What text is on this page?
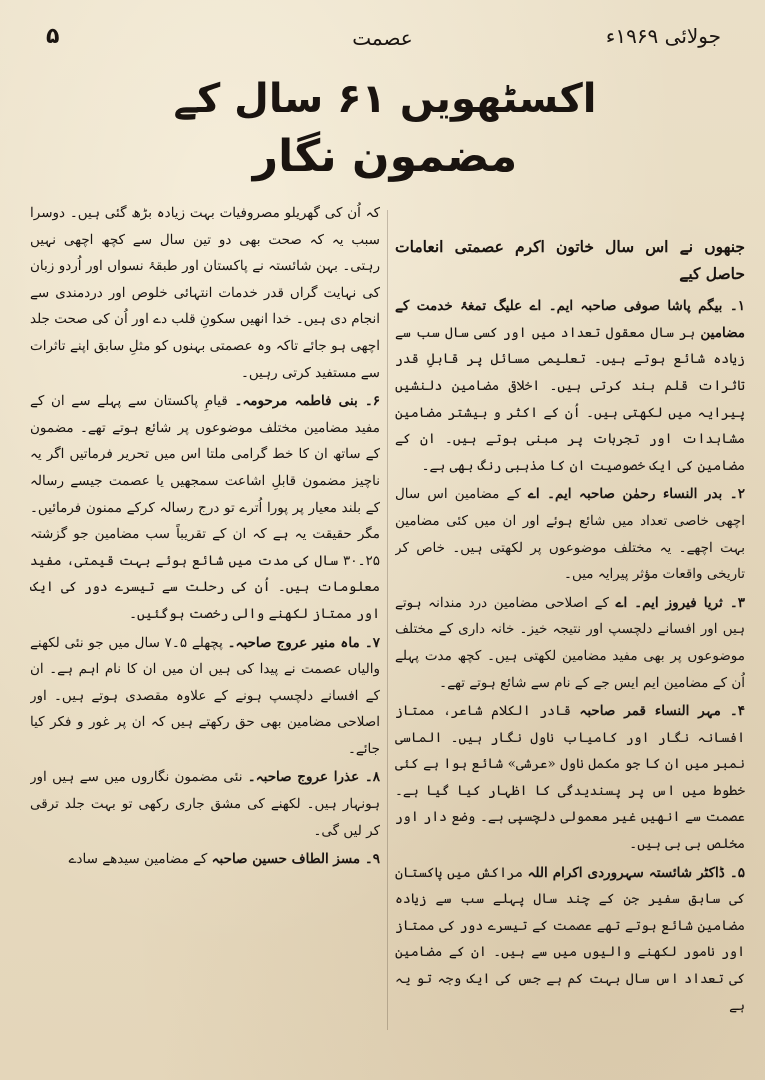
۵	عصمت	جولائی ۱۹۶۹ء
اکسٹھویں ۶۱ سال کے
مضمون نگار
جنھوں نے اس سال خاتون اکرم عصمتی انعامات حاصل کیے

۱۔ بیگم پاشا صوفی صاحبہ ایم۔ اے علیگ تمغۂ خدمت کے مضامین ہر سال معقول تعداد میں اور کسی سال سب سے زیادہ شائع ہوتے ہیں۔ تعلیمی مسائل پر قابلِ قدر تاثرات قلم بند کرتی ہیں۔ اخلاقی مضامین دلنشیں پیرایہ میں لکھتی ہیں۔ اُن کے اکثر و بیشتر مضامین مشاہدات اور تجربات پر مبنی ہوتے ہیں۔ ان کے مضامین کی ایک خصوصیت ان کا مذہبی رنگ بھی ہے۔

۲۔ بدر النساء رحمٰن صاحبہ ایم۔ اے کے مضامین اس سال اچھی خاصی تعداد میں شائع ہوئے اور ان میں کئی مضامین بہت اچھے۔ یہ مختلف موضوعوں پر لکھتی ہیں۔ خاص کر تاریخی واقعات مؤثر پیرایہ میں۔

۳۔ ثریا فیروز ایم۔ اے کے اصلاحی مضامین درد مندانہ ہوتے ہیں اور افسانے دلچسپ اور نتیجہ خیز۔ خانہ داری کے مختلف موضوعوں پر بھی مفید مضامین لکھتی ہیں۔ کچھ مدت پہلے اُن کے مضامین ایم ایس جے کے نام سے شائع ہوتے تھے۔

۴۔ مہر النساء قمر صاحبہ قادر الکلام شاعر، ممتاز افسانہ نگار اور کامیاب ناول نگار ہیں۔ الماسی نمبر میں ان کا جو مکمل ناول «عرشی» شائع ہوا ہے کئی خطوط میں اس پر پسندیدگی کا اظہار کیا گیا ہے۔ عصمت سے انھیں غیر معمولی دلچسپی ہے۔ وضع دار اور مخلص بی بی ہیں۔

۵۔ ڈاکٹر شائستہ سہروردی اکرام اللہ مراکش میں پاکستان کی سابق سفیر جن کے چند سال پہلے سب سے زیادہ مضامین شائع ہوتے تھے عصمت کے تیسرے دور کی ممتاز اور نامور لکھنے والیوں میں سے ہیں۔ ان کے مضامین کی تعداد اس سال بہت کم ہے جس کی ایک وجہ تو یہ ہے

کہ اُن کی گھریلو مصروفیات بہت زیادہ بڑھ گئی ہیں۔ دوسرا سبب یہ کہ صحت بھی دو تین سال سے کچھ اچھی نہیں رہتی۔ بہن شائستہ نے پاکستان اور طبقۂ نسواں اور اُردو زبان کی نہایت گراں قدر خدمات انتہائی خلوص اور دردمندی سے انجام دی ہیں۔ خدا انھیں سکونِ قلب دے اور اُن کی صحت جلد اچھی ہو جائے تاکہ وہ عصمتی بہنوں کو مثلِ سابق اپنے تاثرات سے مستفید کرتی رہیں۔

۶۔ بنی فاطمہ مرحومہ۔ قیامِ پاکستان سے پہلے سے ان کے مفید مضامین مختلف موضوعوں پر شائع ہوتے تھے۔ مضمون کے ساتھ ان کا خط گرامی ملتا اس میں تحریر فرماتیں اگر یہ ناچیز مضمون قابلِ اشاعت سمجھیں یا عصمت جیسے رسالہ کے بلند معیار پر پورا اُترے تو درج رسالہ کرکے ممنون فرمائیں۔ مگر حقیقت یہ ہے کہ ان کے تقریباً سب مضامین جو گزشتہ ۲۵۔۳۰ سال کی مدت میں شائع ہوئے بہت قیمتی، مفید معلومات ہیں۔ اُن کی رحلت سے تیسرے دور کی ایک اور ممتاز لکھنے والی رخصت ہوگئیں۔

۷۔ ماہ منیر عروج صاحبہ۔ پچھلے ۵۔۷ سال میں جو نئی لکھنے والیاں عصمت نے پیدا کی ہیں ان میں ان کا نام اہم ہے۔ ان کے افسانے دلچسپ ہونے کے علاوہ مقصدی ہوتے ہیں۔ اور اصلاحی مضامین بھی حق رکھتے ہیں کہ ان پر غور و فکر کیا جائے۔

۸۔ عذرا عروج صاحبہ۔ نئی مضمون نگاروں میں سے ہیں اور ہونہار ہیں۔ لکھنے کی مشق جاری رکھی تو بہت جلد ترقی کر لیں گی۔

۹۔ مسز الطاف حسین صاحبہ کے مضامین سیدھے سادے
